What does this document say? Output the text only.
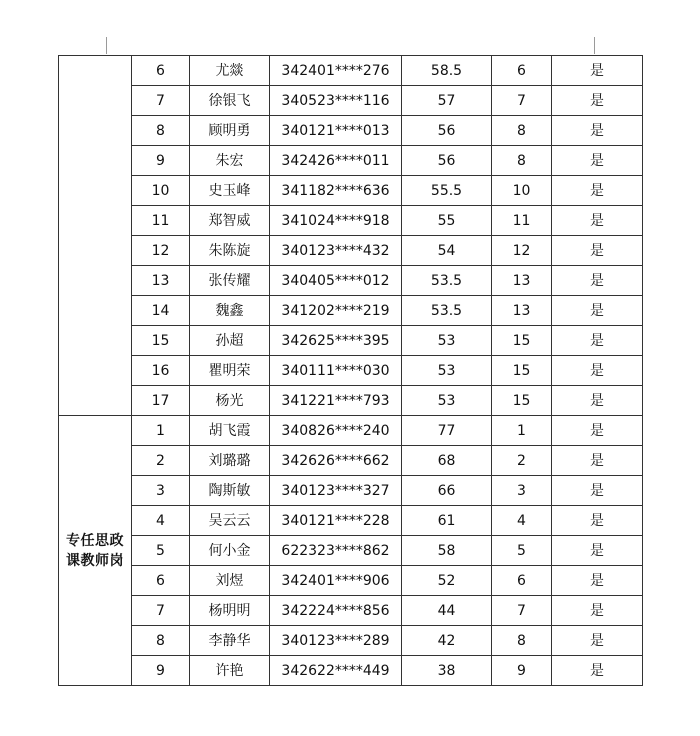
	6	尤燚	342401****276	58.5	6	是
	7	徐银飞	340523****116	57	7	是
	8	顾明勇	340121****013	56	8	是
	9	朱宏	342426****011	56	8	是
	10	史玉峰	341182****636	55.5	10	是
	11	郑智威	341024****918	55	11	是
	12	朱陈旋	340123****432	54	12	是
	13	张传耀	340405****012	53.5	13	是
	14	魏鑫	341202****219	53.5	13	是
	15	孙超	342625****395	53	15	是
	16	瞿明荣	340111****030	53	15	是
	17	杨光	341221****793	53	15	是

专任思政
课教师岗	1	胡飞霞	340826****240	77	1	是
	2	刘璐璐	342626****662	68	2	是
	3	陶斯敏	340123****327	66	3	是
	4	吴云云	340121****228	61	4	是
	5	何小金	622323****862	58	5	是
	6	刘煜	342401****906	52	6	是
	7	杨明明	342224****856	44	7	是
	8	李静华	340123****289	42	8	是
	9	许艳	342622****449	38	9	是
